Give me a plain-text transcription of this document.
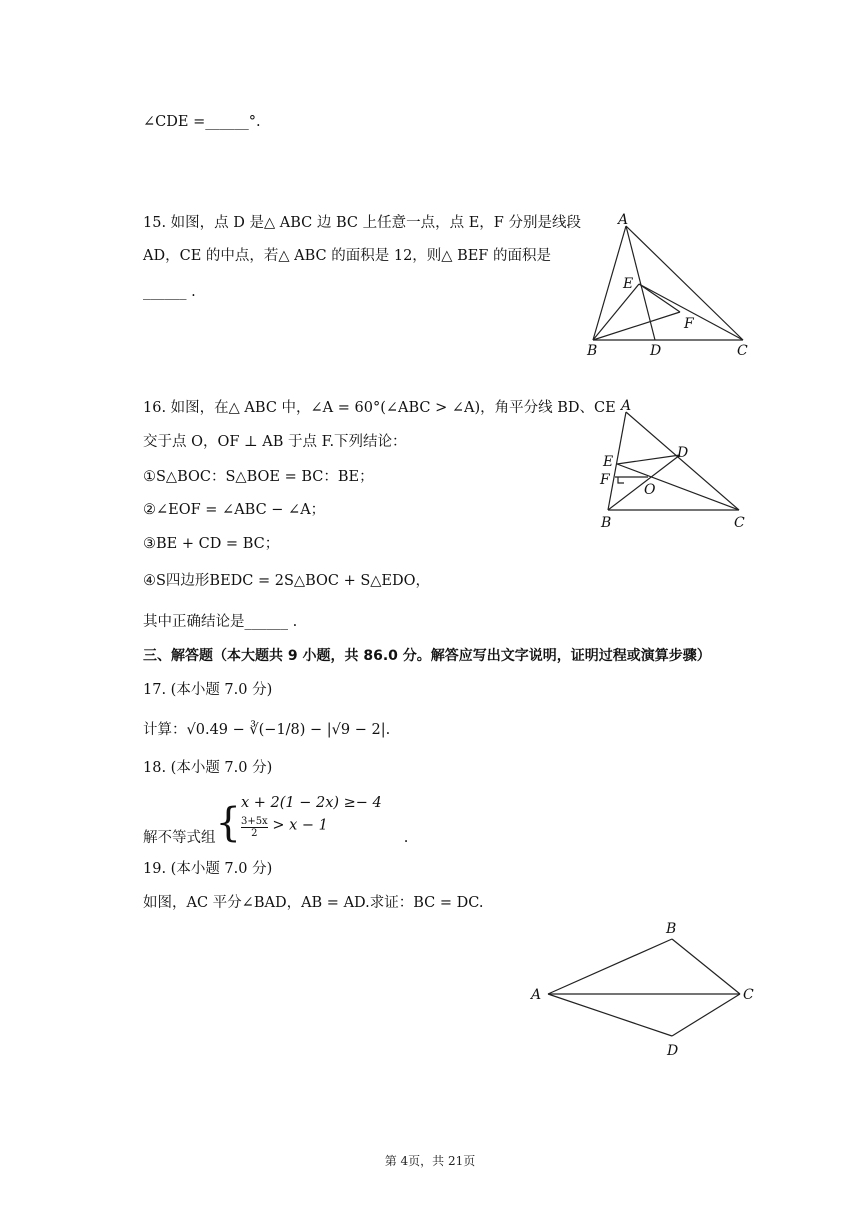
∠CDE =______°.
15. 如图，点 D 是△ ABC 边 BC 上任意一点，点 E，F 分别是线段
AD，CE 的中点，若△ ABC 的面积是 12，则△ BEF 的面积是
______ .
A
E
F
B	D	C
16. 如图，在△ ABC 中，∠A = 60°(∠ABC > ∠A)，角平分线 BD、CE
交于点 O，OF ⊥ AB 于点 F.下列结论：
①S△BOC：S△BOE = BC：BE；
②∠EOF = ∠ABC − ∠A；
③BE + CD = BC；
④S四边形BEDC = 2S△BOC + S△EDO，
其中正确结论是______ .
A
D
E
F
O
B	C
三、解答题（本大题共 9 小题，共 86.0 分。解答应写出文字说明，证明过程或演算步骤）
17. (本小题 7.0 分)
计算：√0.49 − ∛(−1/8) − |√9 − 2|.
18. (本小题 7.0 分)
解不等式组{x + 2(1 − 2x) ≥− 4

$\frac{3+5x}{2} > x - 1$.
19. (本小题 7.0 分)
如图，AC 平分∠BAD，AB = AD.求证：BC = DC.
B
A	C
D
第 4页，共 21页
